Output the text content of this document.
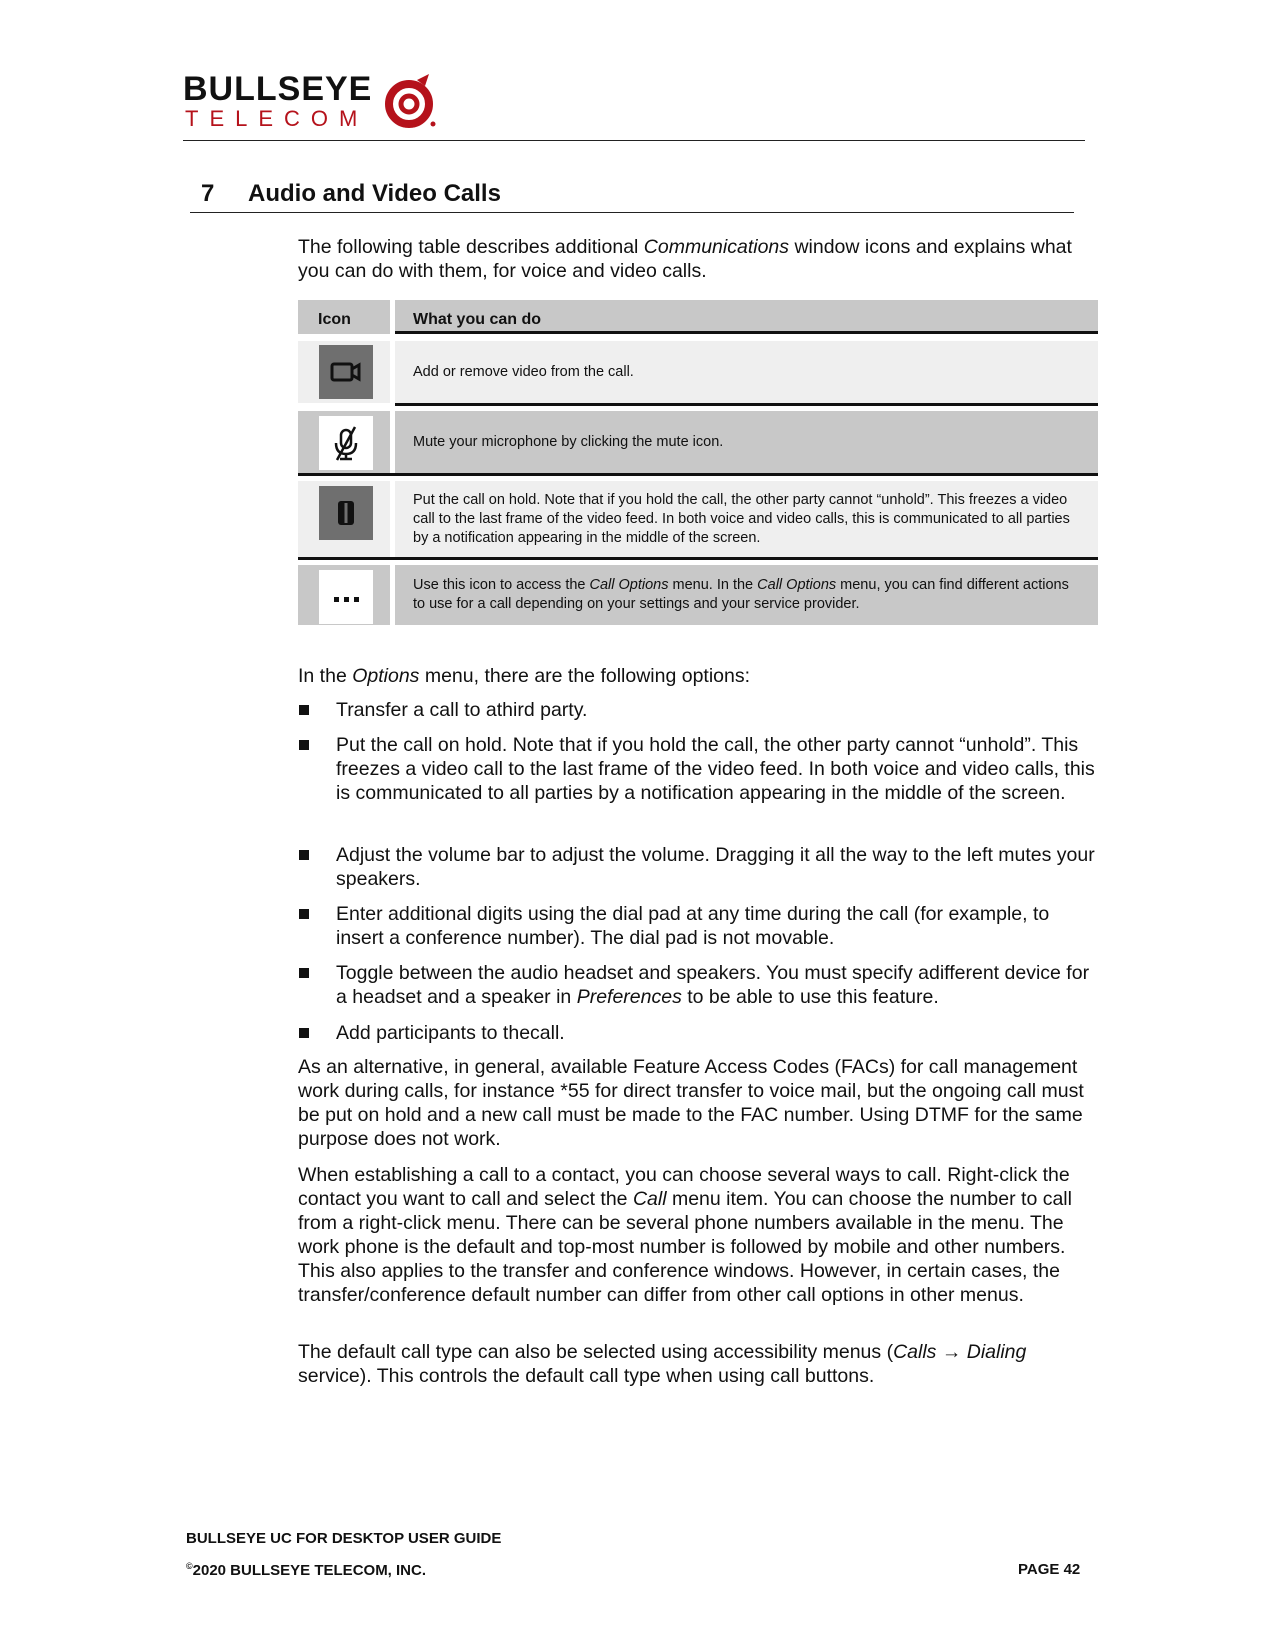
BULLSEYE
TELECOM
7 Audio and Video Calls
The following table describes additional Communications window icons and explains what you can do with them, for voice and video calls.
Icon	What you can do
Add or remove video from the call.
Mute your microphone by clicking the mute icon.
Put the call on hold. Note that if you hold the call, the other party cannot “unhold”. This freezes a video call to the last frame of the video feed. In both voice and video calls, this is communicated to all parties by a notification appearing in the middle of the screen.
Use this icon to access the Call Options menu. In the Call Options menu, you can find different actions to use for a call depending on your settings and your service provider.
In the Options menu, there are the following options:
Transfer a call to athird party.
Put the call on hold. Note that if you hold the call, the other party cannot “unhold”. This freezes a video call to the last frame of the video feed. In both voice and video calls, this is communicated to all parties by a notification appearing in the middle of the screen.
Adjust the volume bar to adjust the volume. Dragging it all the way to the left mutes your speakers.
Enter additional digits using the dial pad at any time during the call (for example, to insert a conference number). The dial pad is not movable.
Toggle between the audio headset and speakers. You must specify adifferent device for a headset and a speaker in Preferences to be able to use this feature.
Add participants to thecall.
As an alternative, in general, available Feature Access Codes (FACs) for call management work during calls, for instance *55 for direct transfer to voice mail, but the ongoing call must be put on hold and a new call must be made to the FAC number. Using DTMF for the same purpose does not work.
When establishing a call to a contact, you can choose several ways to call. Right-click the contact you want to call and select the Call menu item. You can choose the number to call from a right-click menu. There can be several phone numbers available in the menu. The work phone is the default and top-most number is followed by mobile and other numbers. This also applies to the transfer and conference windows. However, in certain cases, the transfer/conference default number can differ from other call options in other menus.
The default call type can also be selected using accessibility menus (Calls → Dialing service). This controls the default call type when using call buttons.
BULLSEYE UC FOR DESKTOP USER GUIDE
©2020 BULLSEYE TELECOM, INC.	PAGE 42
